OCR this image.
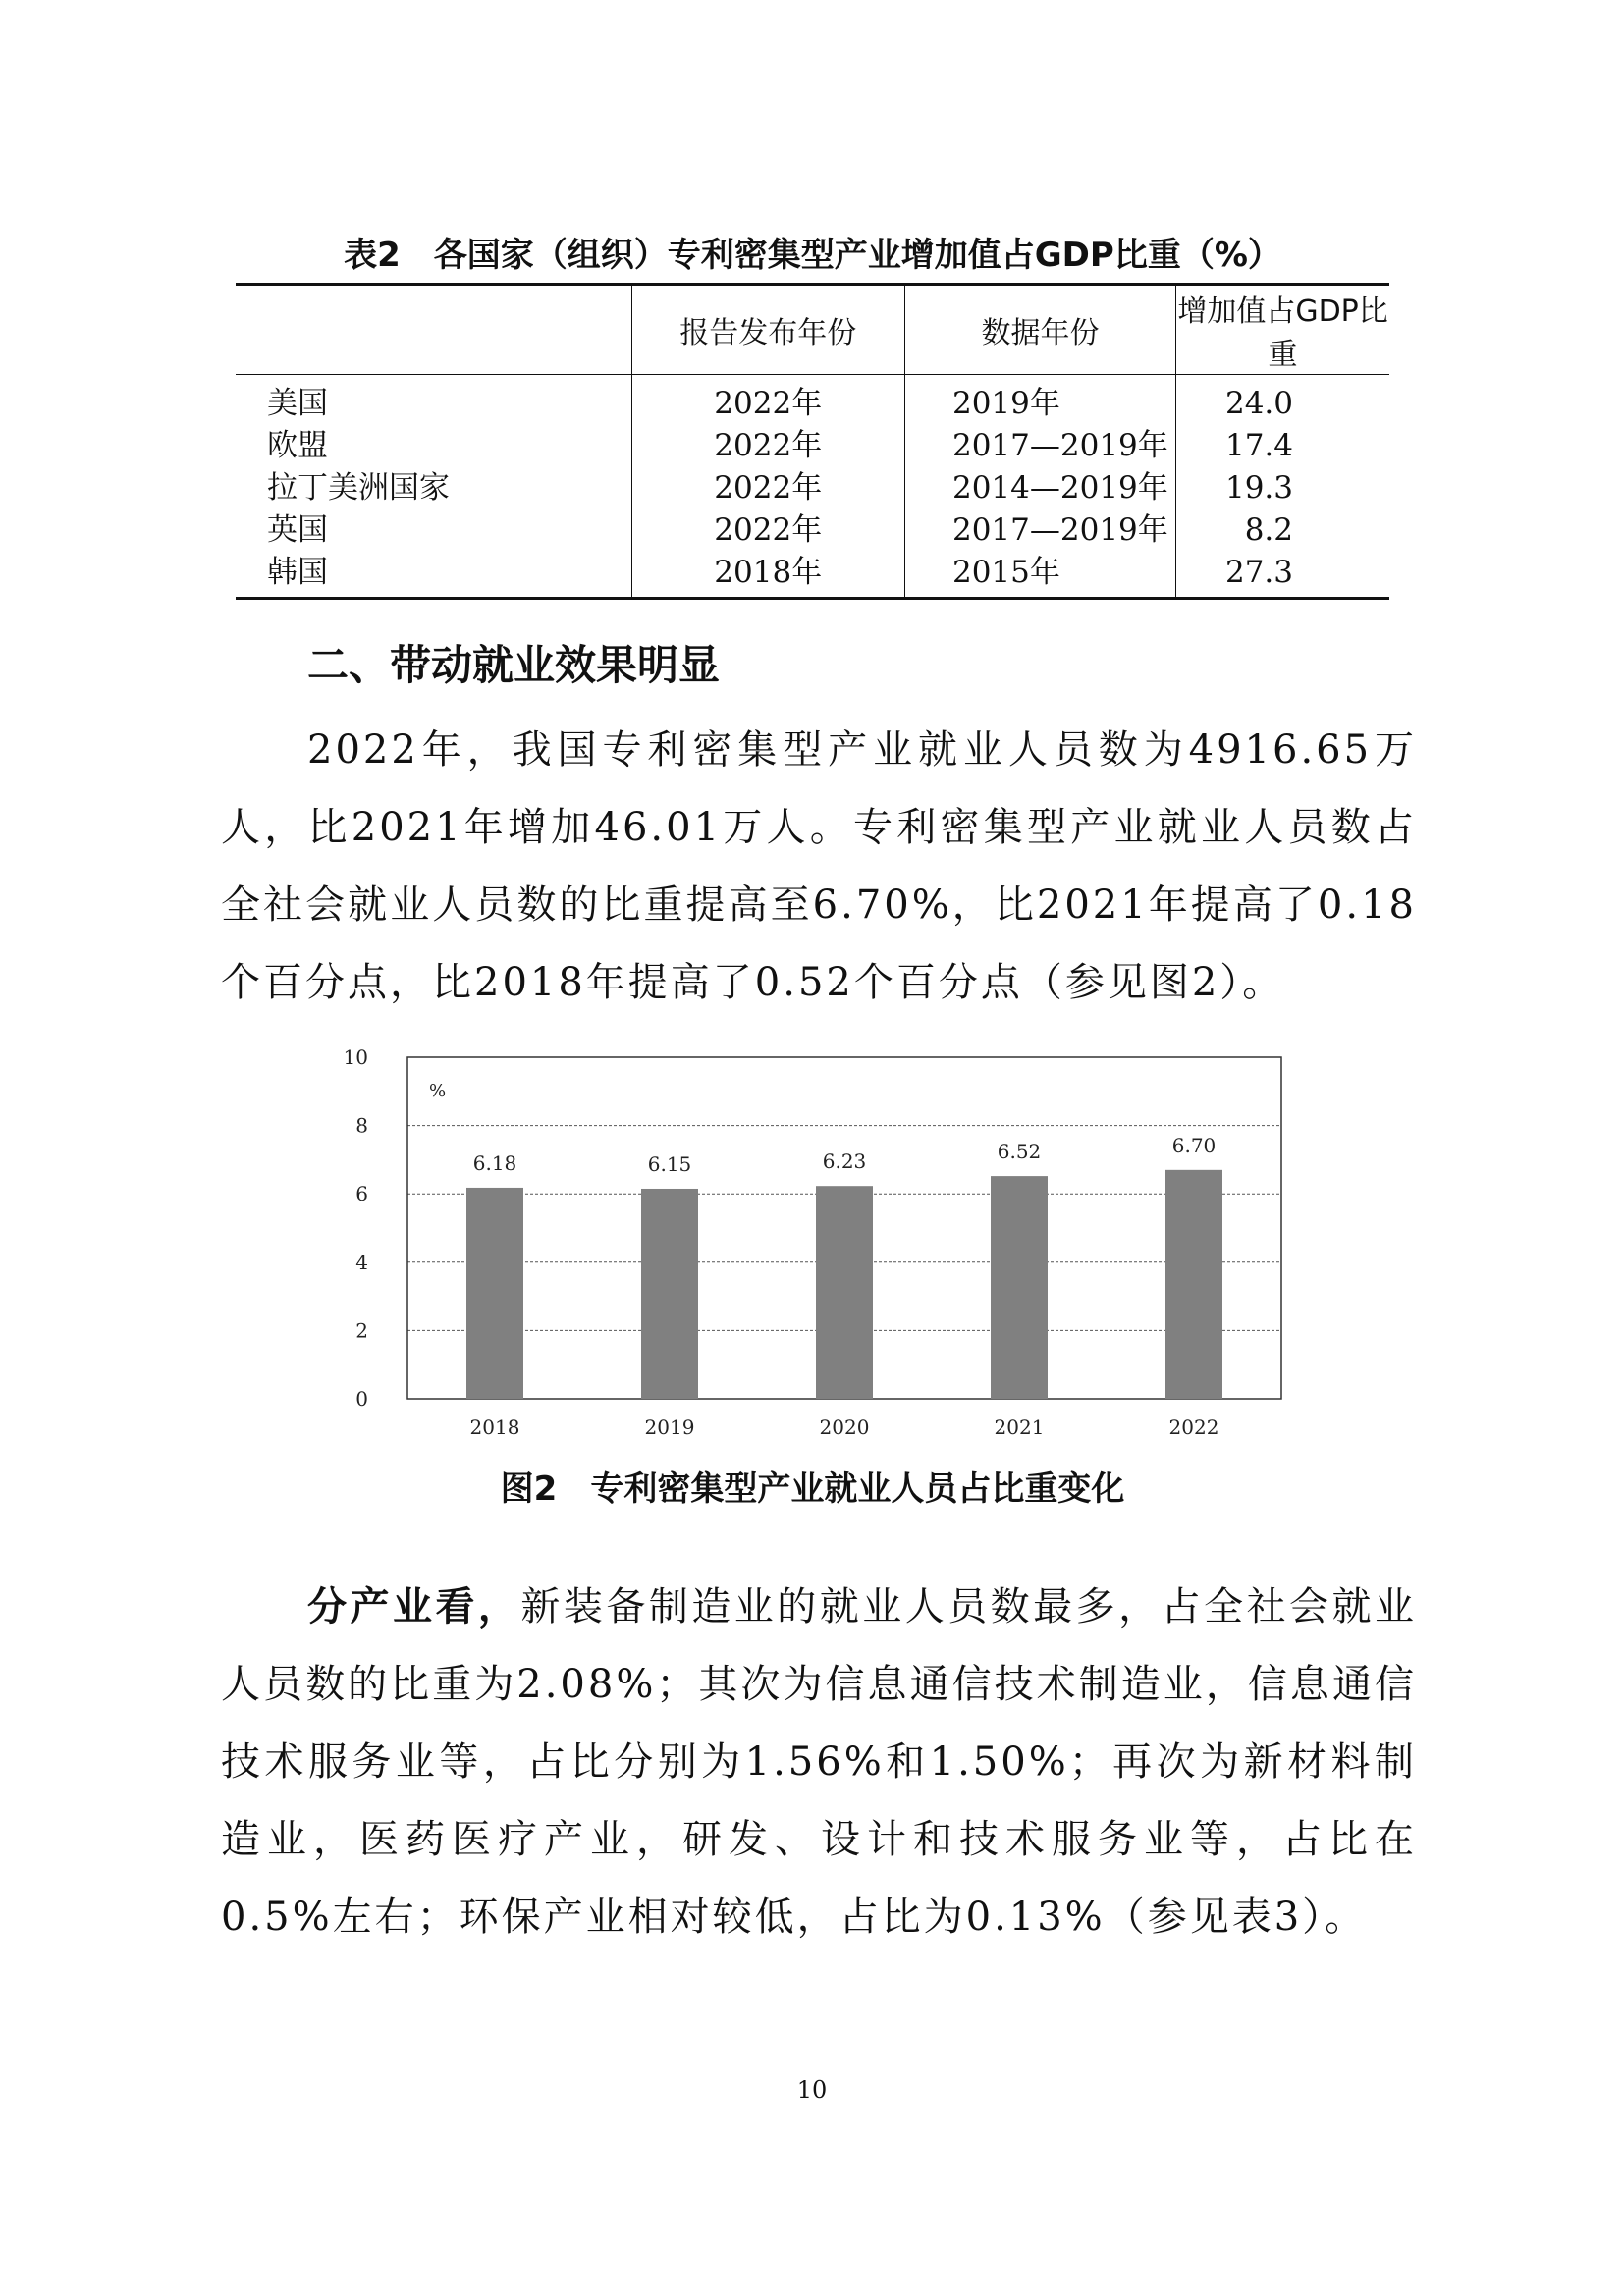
表2　各国家（组织）专利密集型产业增加值占GDP比重（%）
	报告发布年份	数据年份	增加值占GDP比重
美国	2022年	2019年	24.0
欧盟	2022年	2017—2019年	17.4
拉丁美洲国家	2022年	2014—2019年	19.3
英国	2022年	2017—2019年	8.2
韩国	2018年	2015年	27.3
二、带动就业效果明显

2022年，我国专利密集型产业就业人员数为4916.65万人，比2021年增加46.01万人。专利密集型产业就业人员数占全社会就业人员数的比重提高至6.70%，比2021年提高了0.18个百分点，比2018年提高了0.52个百分点（参见图2）。

0
2
4
6
8
10
%
6.18
2018
6.15
2019
6.23
2020
6.52
2021
6.70
2022
图2　专利密集型产业就业人员占比重变化

分产业看，新装备制造业的就业人员数最多，占全社会就业人员数的比重为2.08%；其次为信息通信技术制造业，信息通信技术服务业等，占比分别为1.56%和1.50%；再次为新材料制造业，医药医疗产业，研发、设计和技术服务业等，占比在0.5%左右；环保产业相对较低，占比为0.13%（参见表3）。

10
